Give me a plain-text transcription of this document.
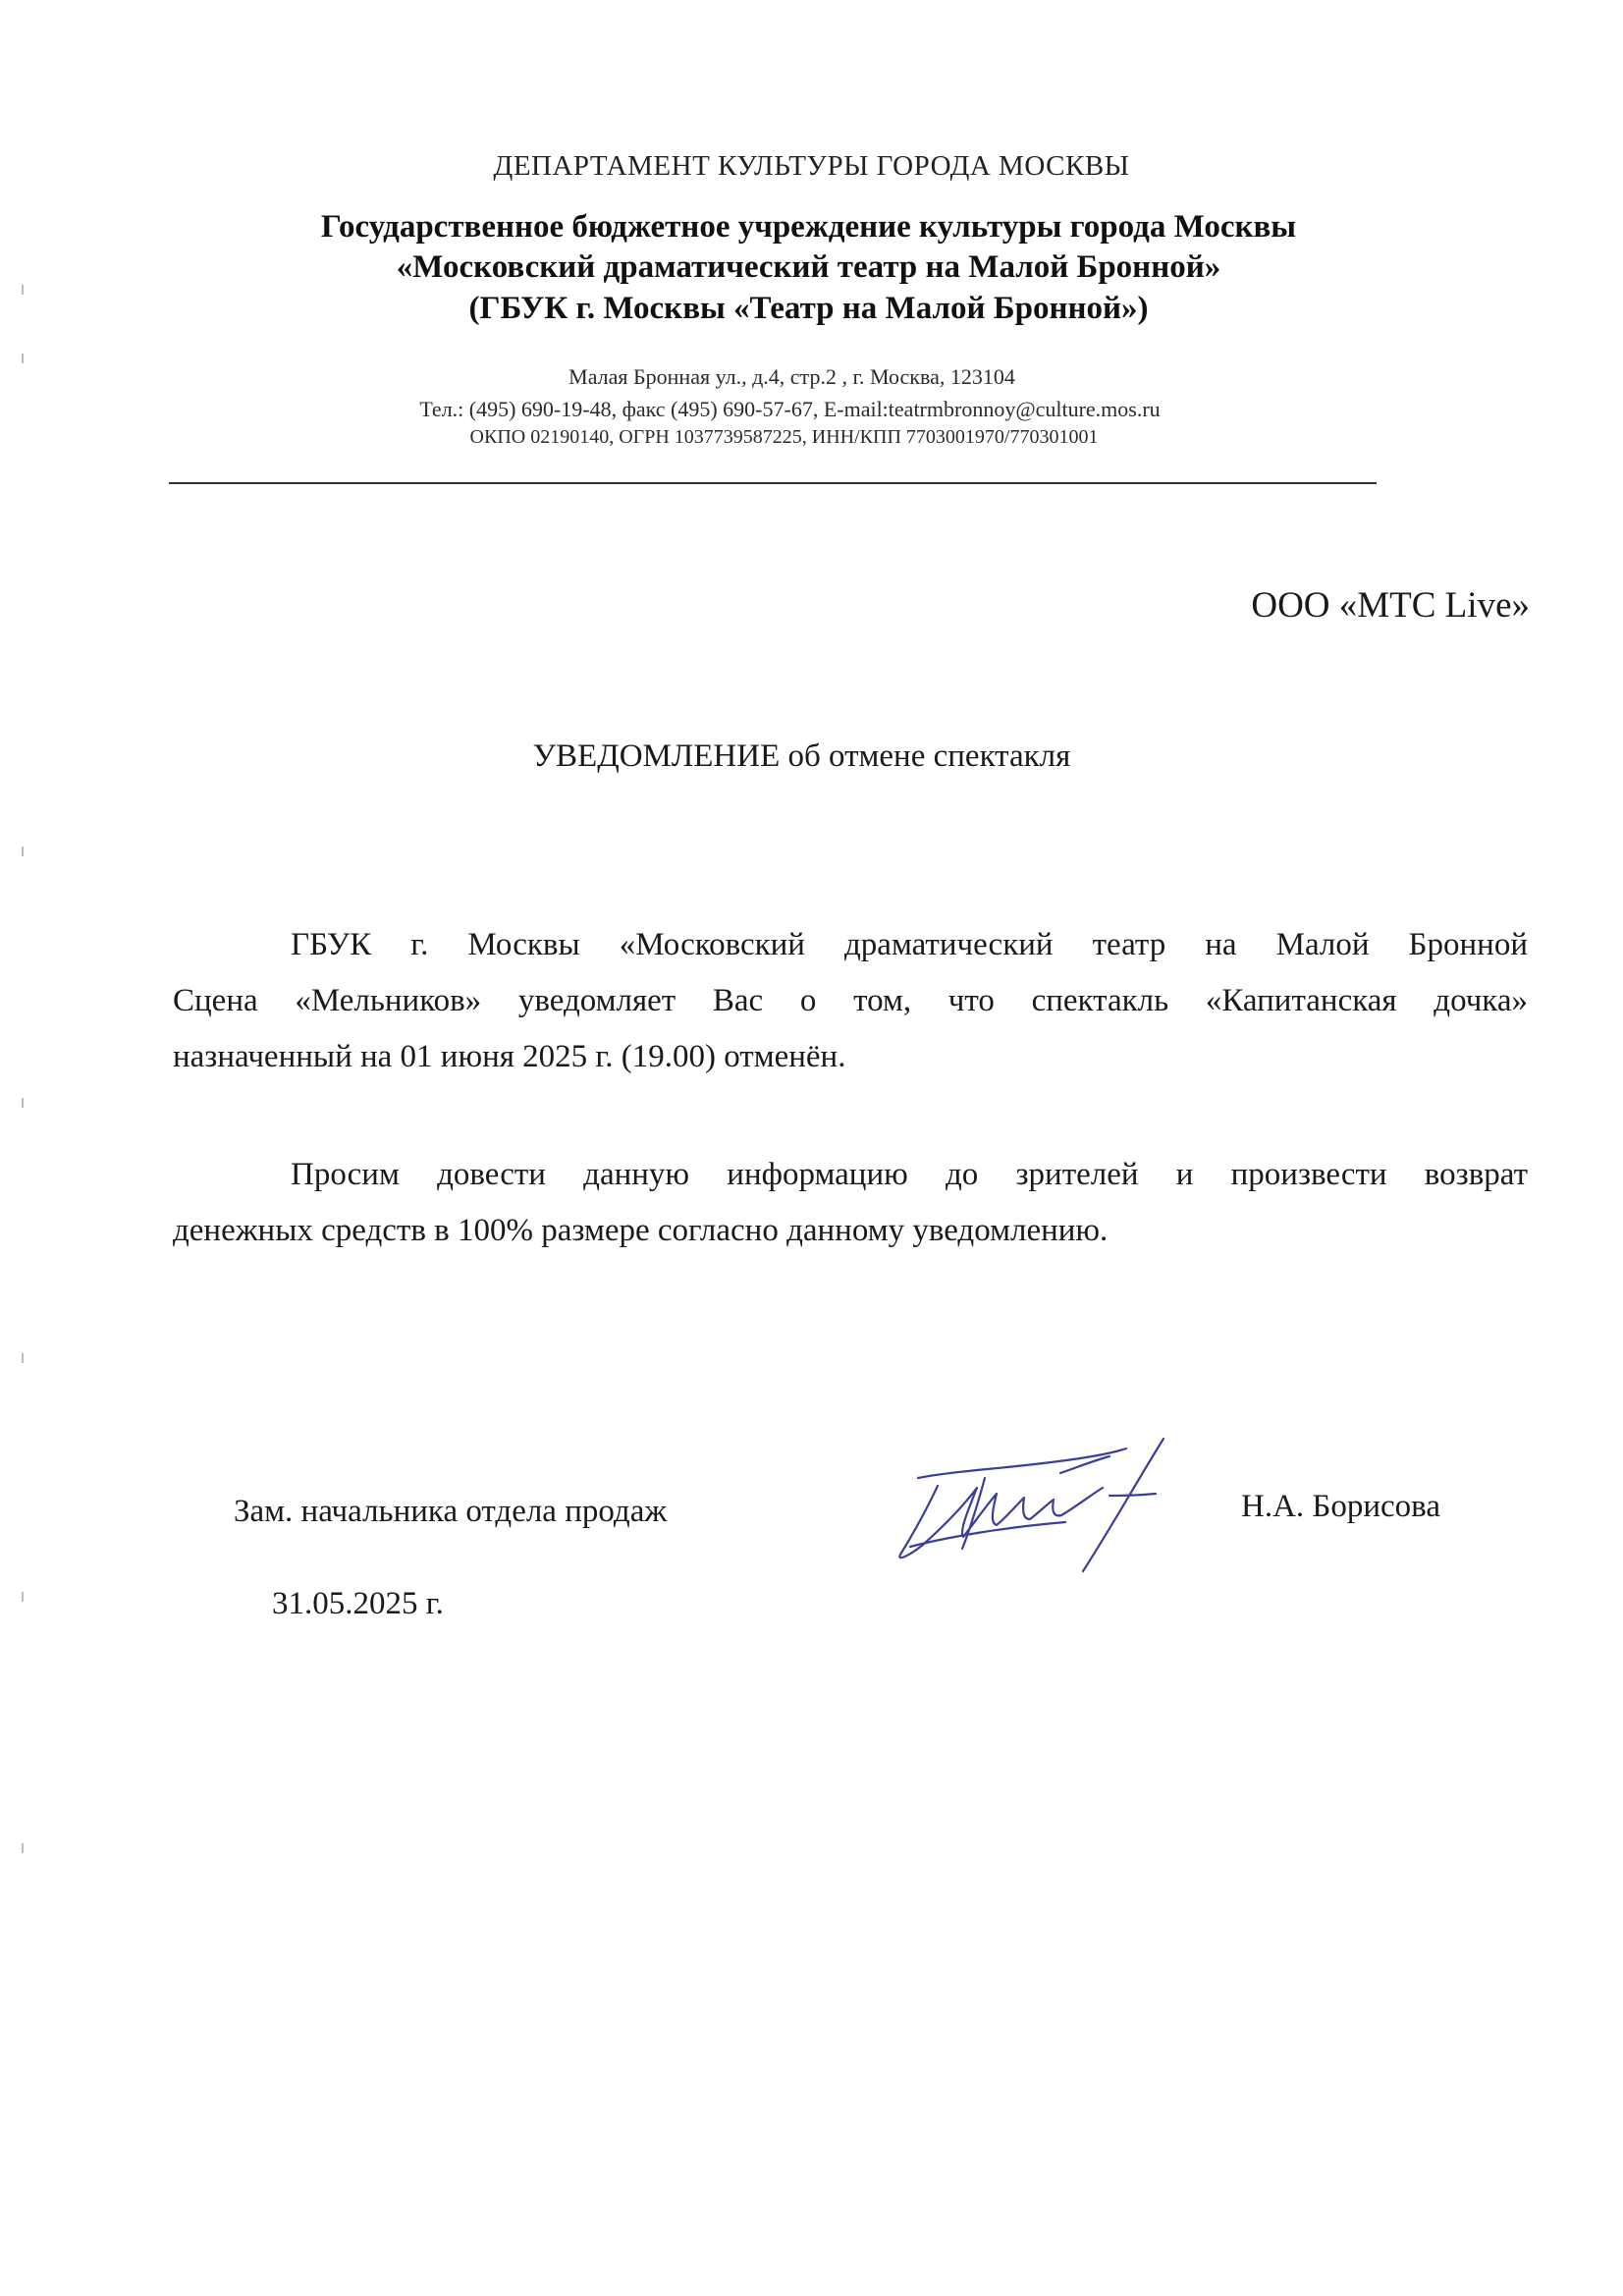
ДЕПАРТАМЕНТ КУЛЬТУРЫ ГОРОДА МОСКВЫ
Государственное бюджетное учреждение культуры города Москвы
«Московский драматический театр на Малой Бронной»
(ГБУК г. Москвы «Театр на Малой Бронной»)
Малая Бронная ул., д.4, стр.2 , г. Москва, 123104
Тел.: (495) 690-19-48, факс (495) 690-57-67, E-mail:teatrmbronnoy@culture.mos.ru
ОКПО 02190140, ОГРН 1037739587225, ИНН/КПП 7703001970/770301001
ООО «МТС Live»
УВЕДОМЛЕНИЕ об отмене спектакля
ГБУК г. Москвы «Московский драматический театр на Малой Бронной
Сцена «Мельников» уведомляет Вас о том, что спектакль «Капитанская дочка»
назначенный на 01 июня 2025 г. (19.00) отменён.
Просим довести данную информацию до зрителей и произвести возврат
денежных средств в 100% размере согласно данному уведомлению.
Зам. начальника отдела продаж	Н.А. Борисова
31.05.2025 г.
